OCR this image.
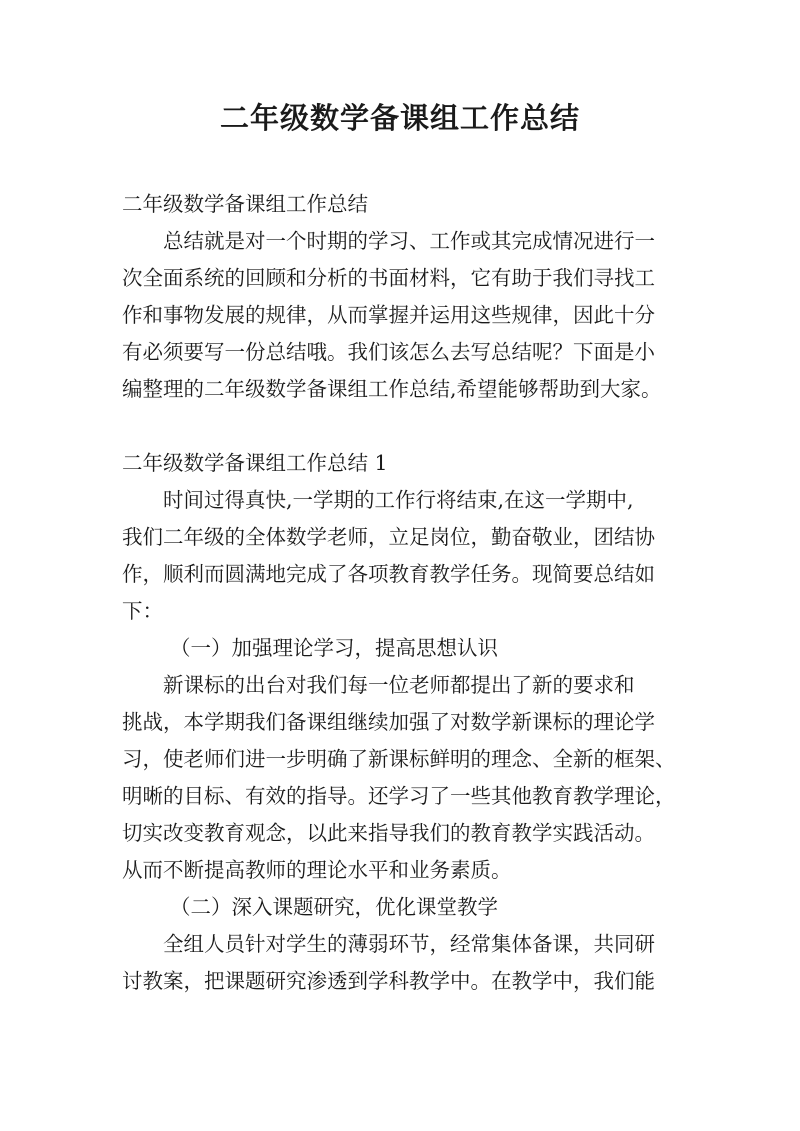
二年级数学备课组工作总结
二年级数学备课组工作总结
总结就是对一个时期的学习、工作或其完成情况进行一
次全面系统的回顾和分析的书面材料，它有助于我们寻找工
作和事物发展的规律，从而掌握并运用这些规律，因此十分
有必须要写一份总结哦。我们该怎么去写总结呢？下面是小
编整理的二年级数学备课组工作总结,希望能够帮助到大家。
二年级数学备课组工作总结 1
时间过得真快,一学期的工作行将结束,在这一学期中,
我们二年级的全体数学老师，立足岗位，勤奋敬业，团结协
作，顺利而圆满地完成了各项教育教学任务。现简要总结如
下：
（一）加强理论学习，提高思想认识
新课标的出台对我们每一位老师都提出了新的要求和
挑战，本学期我们备课组继续加强了对数学新课标的理论学
习，使老师们进一步明确了新课标鲜明的理念、全新的框架、
明晰的目标、有效的指导。还学习了一些其他教育教学理论，
切实改变教育观念，以此来指导我们的教育教学实践活动。
从而不断提高教师的理论水平和业务素质。
（二）深入课题研究，优化课堂教学
全组人员针对学生的薄弱环节，经常集体备课，共同研
讨教案，把课题研究渗透到学科教学中。在教学中，我们能
